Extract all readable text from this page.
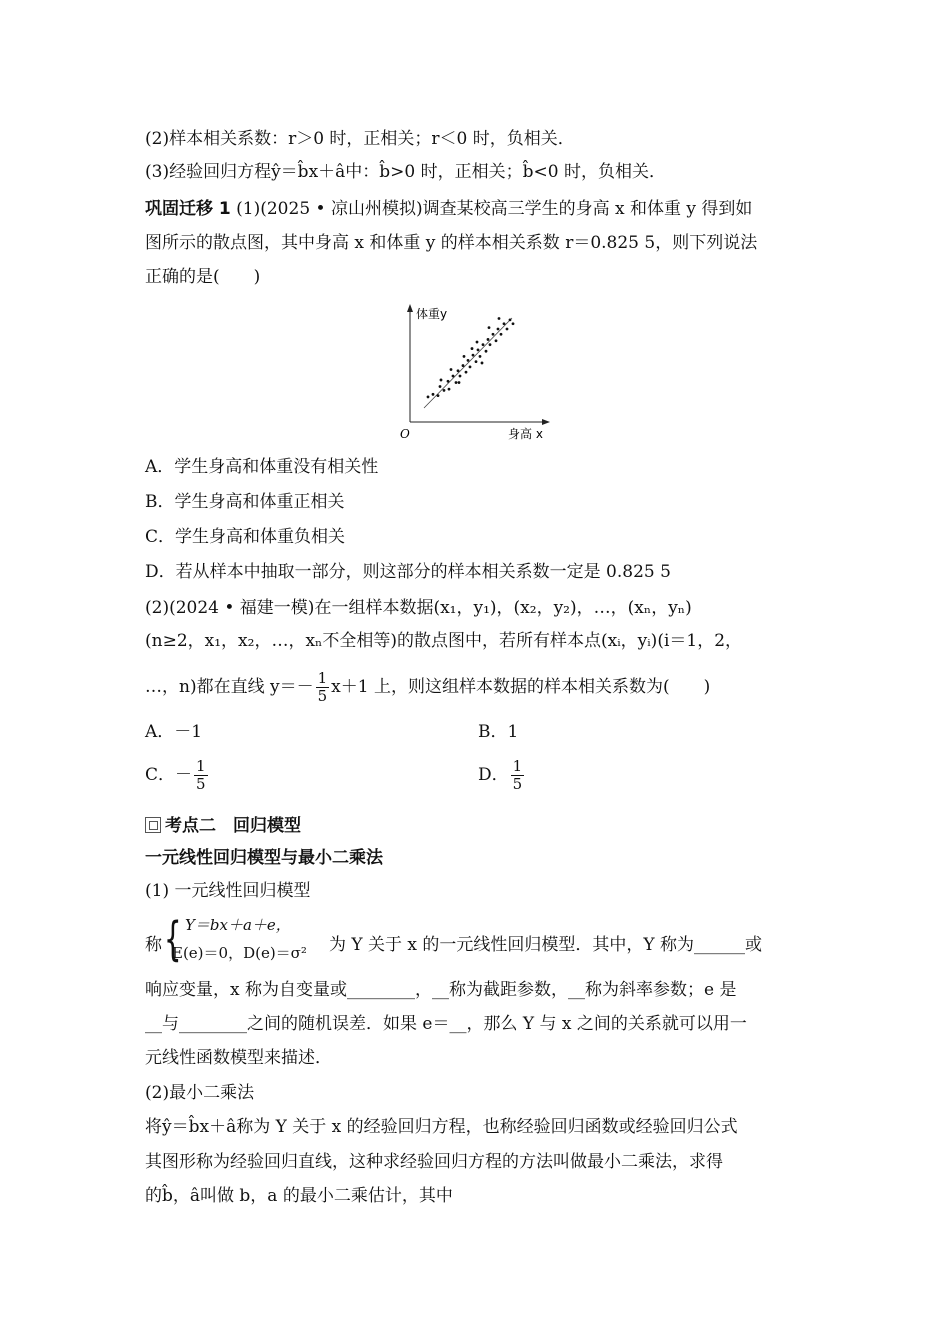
(2)样本相关系数：r＞0 时，正相关；r＜0 时，负相关．
(3)经验回归方程ŷ＝b̂x＋â中：b̂>0 时，正相关；b̂<0 时，负相关．
巩固迁移 1 (1)(2025 • 凉山州模拟)调查某校高三学生的身高 x 和体重 y 得到如
图所示的散点图，其中身高 x 和体重 y 的样本相关系数 r＝0.825 5，则下列说法
正确的是(　　)
体重y
身高 x
O
A．学生身高和体重没有相关性
B．学生身高和体重正相关
C．学生身高和体重负相关
D．若从样本中抽取一部分，则这部分的样本相关系数一定是 0.825 5
(2)(2024 • 福建一模)在一组样本数据(x₁，y₁)，(x₂，y₂)，…，(xₙ，yₙ)
(n≥2，x₁，x₂，…，xₙ不全相等)的散点图中，若所有样本点(xᵢ，yᵢ)(i＝1，2，
…，n)都在直线 $y=- \frac{1}{5} x+1$ 上，则这组样本数据的样本相关系数为(　　)
A．－1	B．1
C．－ $\frac{1}{5}$	D． $\frac{1}{5}$
考点二　回归模型
一元线性回归模型与最小二乘法
(1) 一元线性回归模型
称 { Y＝bx＋a＋e，
E(e)＝0，D(e)＝σ² 为 Y 关于 x 的一元线性回归模型．其中，Y 称为______或
响应变量，x 称为自变量或________，__称为截距参数，__称为斜率参数；e 是
__与________之间的随机误差．如果 e＝__，那么 Y 与 x 之间的关系就可以用一
元线性函数模型来描述．
(2)最小二乘法
将ŷ＝b̂x＋â称为 Y 关于 x 的经验回归方程，也称经验回归函数或经验回归公式
其图形称为经验回归直线，这种求经验回归方程的方法叫做最小二乘法，求得
的b̂，â叫做 b，a 的最小二乘估计，其中
